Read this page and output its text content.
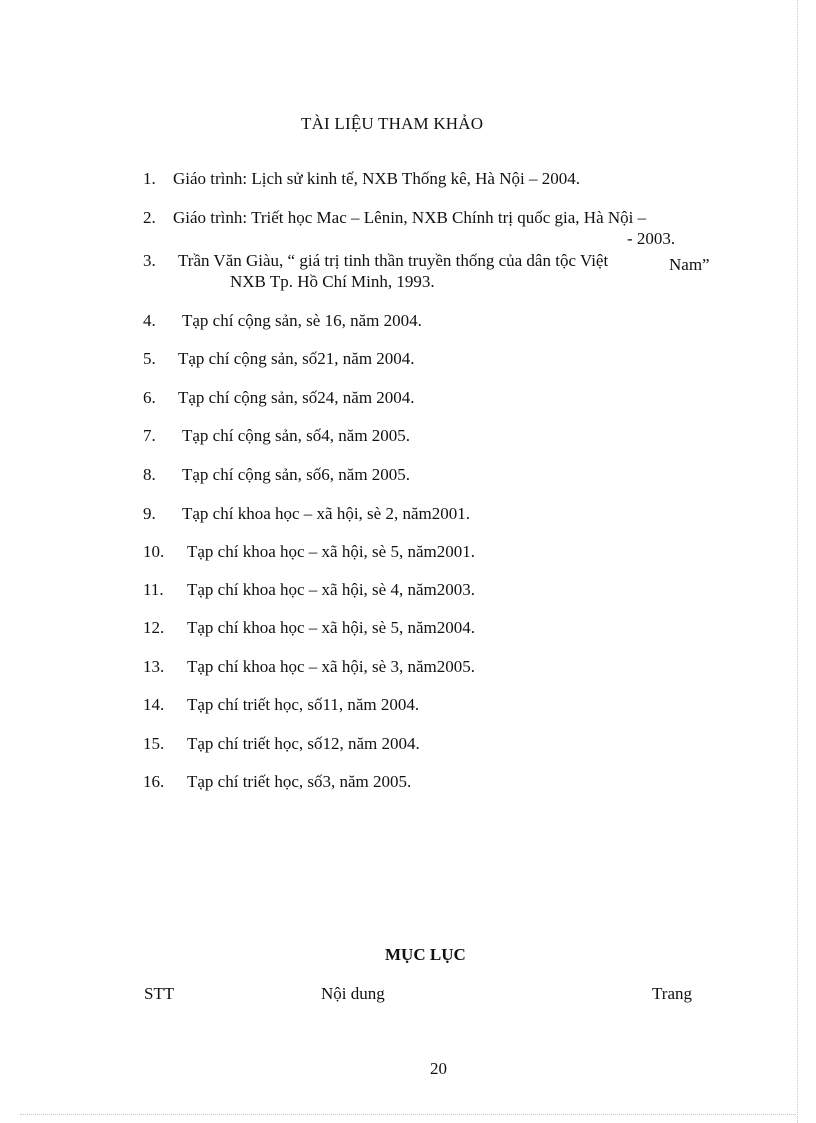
TÀI LIỆU THAM KHẢO
1. Giáo trình: Lịch sử kinh tế, NXB Thống kê, Hà Nội – 2004.
2. Giáo trình: Triết học Mac – Lênin, NXB Chính trị quốc gia, Hà Nội –
- 2003.
3. Trần Văn Giàu, “ giá trị tinh thần truyền thống của dân tộc Việt	Nam”
NXB Tp. Hồ Chí Minh, 1993.
4. Tạp chí cộng sản, sè 16, năm 2004.
5. Tạp chí cộng sản, số21, năm 2004.
6. Tạp chí cộng sản, số24, năm 2004.
7. Tạp chí cộng sản, số4, năm 2005.
8. Tạp chí cộng sản, số6, năm 2005.
9. Tạp chí khoa học – xã hội, sè 2, năm2001.
10. Tạp chí khoa học – xã hội, sè 5, năm2001.
11. Tạp chí khoa học – xã hội, sè 4, năm2003.
12. Tạp chí khoa học – xã hội, sè 5, năm2004.
13. Tạp chí khoa học – xã hội, sè 3, năm2005.
14. Tạp chí triết học, số11, năm 2004.
15. Tạp chí triết học, số12, năm 2004.
16. Tạp chí triết học, số3, năm 2005.
MỤC LỤC
STT	Nội dung	Trang
20
